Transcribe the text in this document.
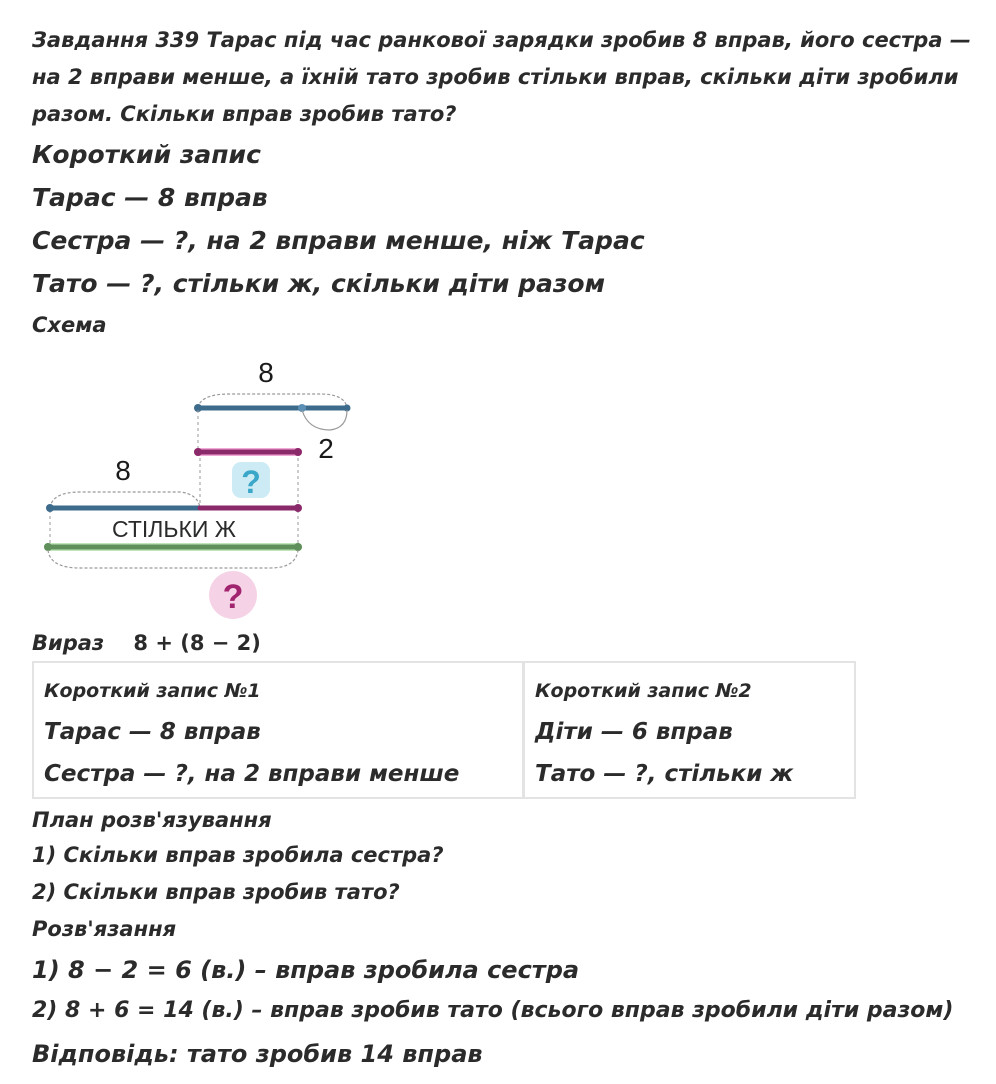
Завдання 339 Тарас під час ранкової зарядки зробив 8 вправ, його сестра — на 2 вправи менше, а їхній тато зробив стільки вправ, скільки діти зробили разом. Скільки вправ зробив тато?
Короткий запис
Тарас — 8 вправ
Сестра — ?, на 2 вправи менше, ніж Тарас
Тато — ?, стільки ж, скільки діти разом
Схема
8
2
?
8
СТІЛЬКИ Ж
?
Вираз 8 + (8 − 2)
Короткий запис №1
Тарас — 8 вправ
Сестра — ?, на 2 вправи менше
Короткий запис №2
Діти — 6 вправ
Тато — ?, стільки ж
План розв'язування
1) Скільки вправ зробила сестра?
2) Скільки вправ зробив тато?
Розв'язання
1) 8 − 2 = 6 (в.) – вправ зробила сестра
2) 8 + 6 = 14 (в.) – вправ зробив тато (всього вправ зробили діти разом)
Відповідь: тато зробив 14 вправ
